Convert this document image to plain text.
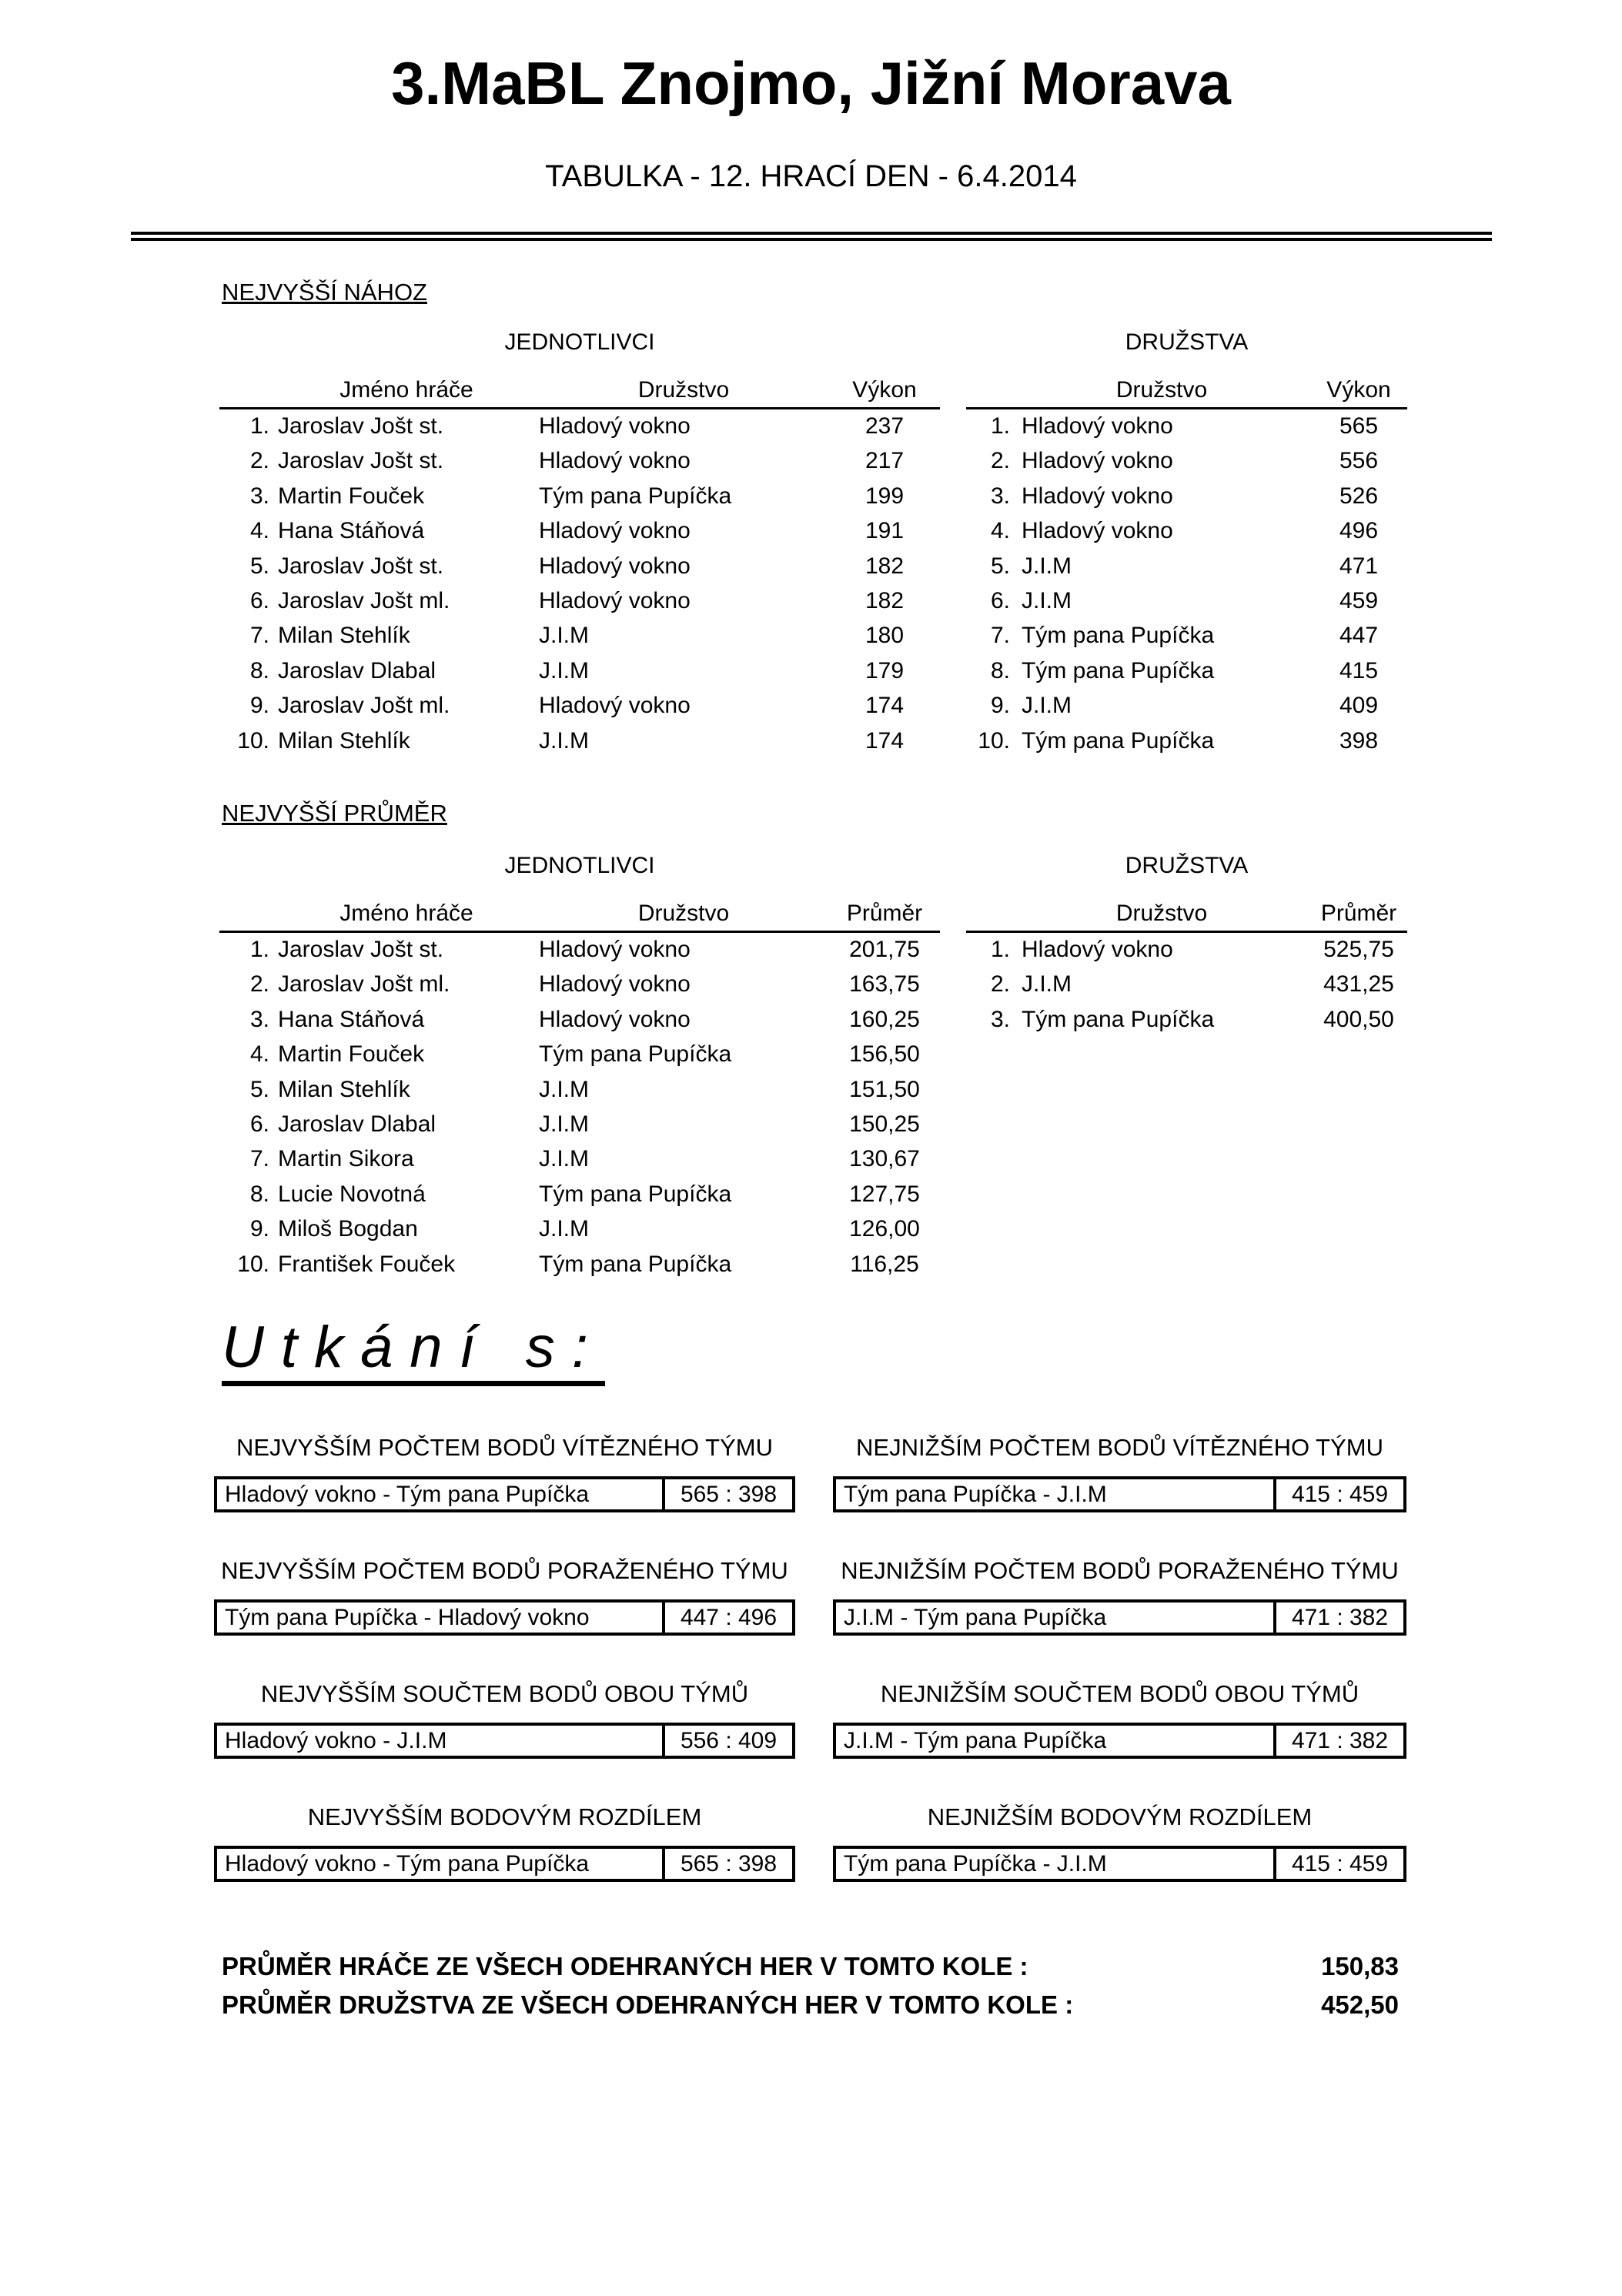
3.MaBL Znojmo, Jižní Morava
TABULKA - 12. HRACÍ DEN - 6.4.2014
NEJVYŠŠÍ NÁHOZ
JEDNOTLIVCI
Jméno hráče	Družstvo	Výkon
1. Jaroslav Jošt st.	Hladový vokno	237
2. Jaroslav Jošt st.	Hladový vokno	217
3. Martin Fouček	Tým pana Pupíčka	199
4. Hana Stáňová	Hladový vokno	191
5. Jaroslav Jošt st.	Hladový vokno	182
6. Jaroslav Jošt ml.	Hladový vokno	182
7. Milan Stehlík	J.I.M	180
8. Jaroslav Dlabal	J.I.M	179
9. Jaroslav Jošt ml.	Hladový vokno	174
10. Milan Stehlík	J.I.M	174
DRUŽSTVA
Družstvo	Výkon
1. Hladový vokno	565
2. Hladový vokno	556
3. Hladový vokno	526
4. Hladový vokno	496
5. J.I.M	471
6. J.I.M	459
7. Tým pana Pupíčka	447
8. Tým pana Pupíčka	415
9. J.I.M	409
10. Tým pana Pupíčka	398
NEJVYŠŠÍ PRŮMĚR
JEDNOTLIVCI
Jméno hráče	Družstvo	Průměr
1. Jaroslav Jošt st.	Hladový vokno	201,75
2. Jaroslav Jošt ml.	Hladový vokno	163,75
3. Hana Stáňová	Hladový vokno	160,25
4. Martin Fouček	Tým pana Pupíčka	156,50
5. Milan Stehlík	J.I.M	151,50
6. Jaroslav Dlabal	J.I.M	150,25
7. Martin Sikora	J.I.M	130,67
8. Lucie Novotná	Tým pana Pupíčka	127,75
9. Miloš Bogdan	J.I.M	126,00
10. František Fouček	Tým pana Pupíčka	116,25
DRUŽSTVA
Družstvo	Průměr
1. Hladový vokno	525,75
2. J.I.M	431,25
3. Tým pana Pupíčka	400,50
Utkání s:
NEJVYŠŠÍM POČTEM BODŮ VÍTĚZNÉHO TÝMU
Hladový vokno - Tým pana Pupíčka	565 : 398
NEJNIŽŠÍM POČTEM BODŮ VÍTĚZNÉHO TÝMU
Tým pana Pupíčka - J.I.M	415 : 459
NEJVYŠŠÍM POČTEM BODŮ PORAŽENÉHO TÝMU
Tým pana Pupíčka - Hladový vokno	447 : 496
NEJNIŽŠÍM POČTEM BODŮ PORAŽENÉHO TÝMU
J.I.M - Tým pana Pupíčka	471 : 382
NEJVYŠŠÍM SOUČTEM BODŮ OBOU TÝMŮ
Hladový vokno - J.I.M	556 : 409
NEJNIŽŠÍM SOUČTEM BODŮ OBOU TÝMŮ
J.I.M - Tým pana Pupíčka	471 : 382
NEJVYŠŠÍM BODOVÝM ROZDÍLEM
Hladový vokno - Tým pana Pupíčka	565 : 398
NEJNIŽŠÍM BODOVÝM ROZDÍLEM
Tým pana Pupíčka - J.I.M	415 : 459
PRŮMĚR HRÁČE ZE VŠECH ODEHRANÝCH HER V TOMTO KOLE :	150,83
PRŮMĚR DRUŽSTVA ZE VŠECH ODEHRANÝCH HER V TOMTO KOLE :	452,50
